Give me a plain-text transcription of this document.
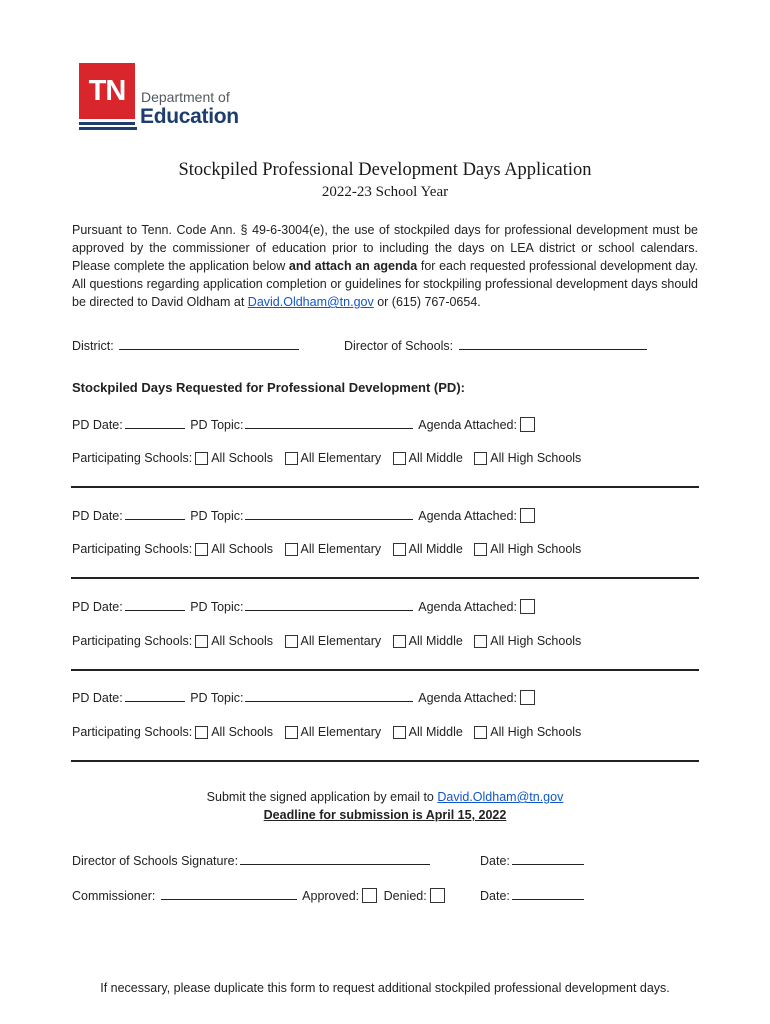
TN	Department of
Education
Stockpiled Professional Development Days Application
2022-23 School Year
Pursuant to Tenn. Code Ann. § 49-6-3004(e), the use of stockpiled days for professional development must be approved by the commissioner of education prior to including the days on LEA district or school calendars. Please complete the application below and attach an agenda for each requested professional development day. All questions regarding application completion or guidelines for stockpiling professional development days should be directed to David Oldham at David.Oldham@tn.gov or (615) 767-0654.
District:	Director of Schools:
Stockpiled Days Requested for Professional Development (PD):
PD Date:	PD Topic:	Agenda Attached:
Participating Schools: All Schools All Elementary All Middle All High Schools
PD Date:	PD Topic:	Agenda Attached:
Participating Schools: All Schools All Elementary All Middle All High Schools
PD Date:	PD Topic:	Agenda Attached:
Participating Schools: All Schools All Elementary All Middle All High Schools
PD Date:	PD Topic:	Agenda Attached:
Participating Schools: All Schools All Elementary All Middle All High Schools
Submit the signed application by email to David.Oldham@tn.gov
Deadline for submission is April 15, 2022
Director of Schools Signature:	Date:
Commissioner:	Approved: Denied:	Date:
If necessary, please duplicate this form to request additional stockpiled professional development days.
